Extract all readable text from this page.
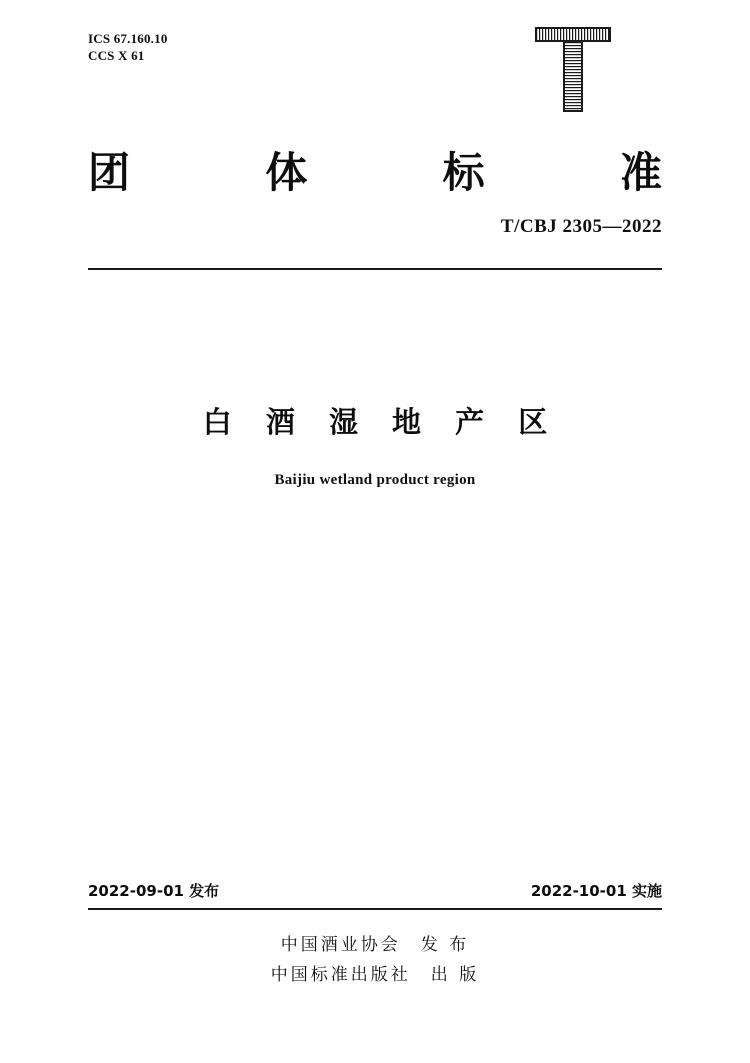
ICS 67.160.10
CCS X 61
团	体	标	准
T/CBJ 2305—2022
白 酒 湿 地 产 区
Baijiu wetland product region
2022-09-01 发布	2022-10-01 实施
中国酒业协会 发 布
中国标准出版社 出 版
